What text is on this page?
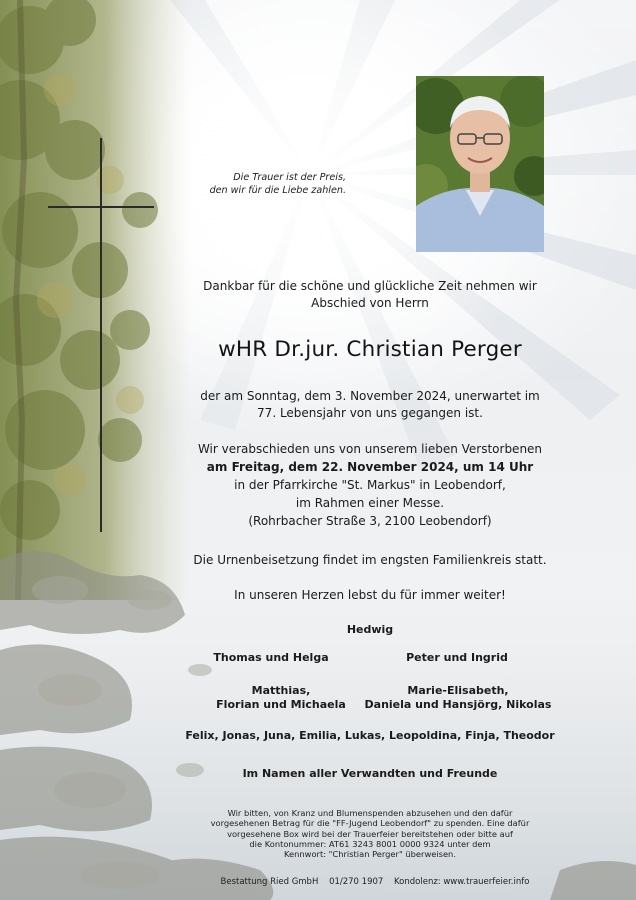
Die Trauer ist der Preis,
den wir für die Liebe zahlen.
Dankbar für die schöne und glückliche Zeit nehmen wir
Abschied von Herrn
wHR Dr.jur. Christian Perger
der am Sonntag, dem 3. November 2024, unerwartet im
77. Lebensjahr von uns gegangen ist.
Wir verabschieden uns von unserem lieben Verstorbenen
am Freitag, dem 22. November 2024, um 14 Uhr
in der Pfarrkirche "St. Markus" in Leobendorf,
im Rahmen einer Messe.
(Rohrbacher Straße 3, 2100 Leobendorf)
Die Urnenbeisetzung findet im engsten Familienkreis statt.
In unseren Herzen lebst du für immer weiter!
Hedwig
Thomas und Helga	Peter und Ingrid
Matthias,
Florian und Michaela
Marie-Elisabeth,
Daniela und Hansjörg, Nikolas
Felix, Jonas, Juna, Emilia, Lukas, Leopoldina, Finja, Theodor
Im Namen aller Verwandten und Freunde
Wir bitten, von Kranz und Blumenspenden abzusehen und den dafür
vorgesehenen Betrag für die "FF-Jugend Leobendorf" zu spenden. Eine dafür
vorgesehene Box wird bei der Trauerfeier bereitstehen oder bitte auf
die Kontonummer: AT61 3243 8001 0000 9324 unter dem
Kennwort: "Christian Perger" überweisen.
Bestattung Ried GmbH 01/270 1907 Kondolenz: www.trauerfeier.info
